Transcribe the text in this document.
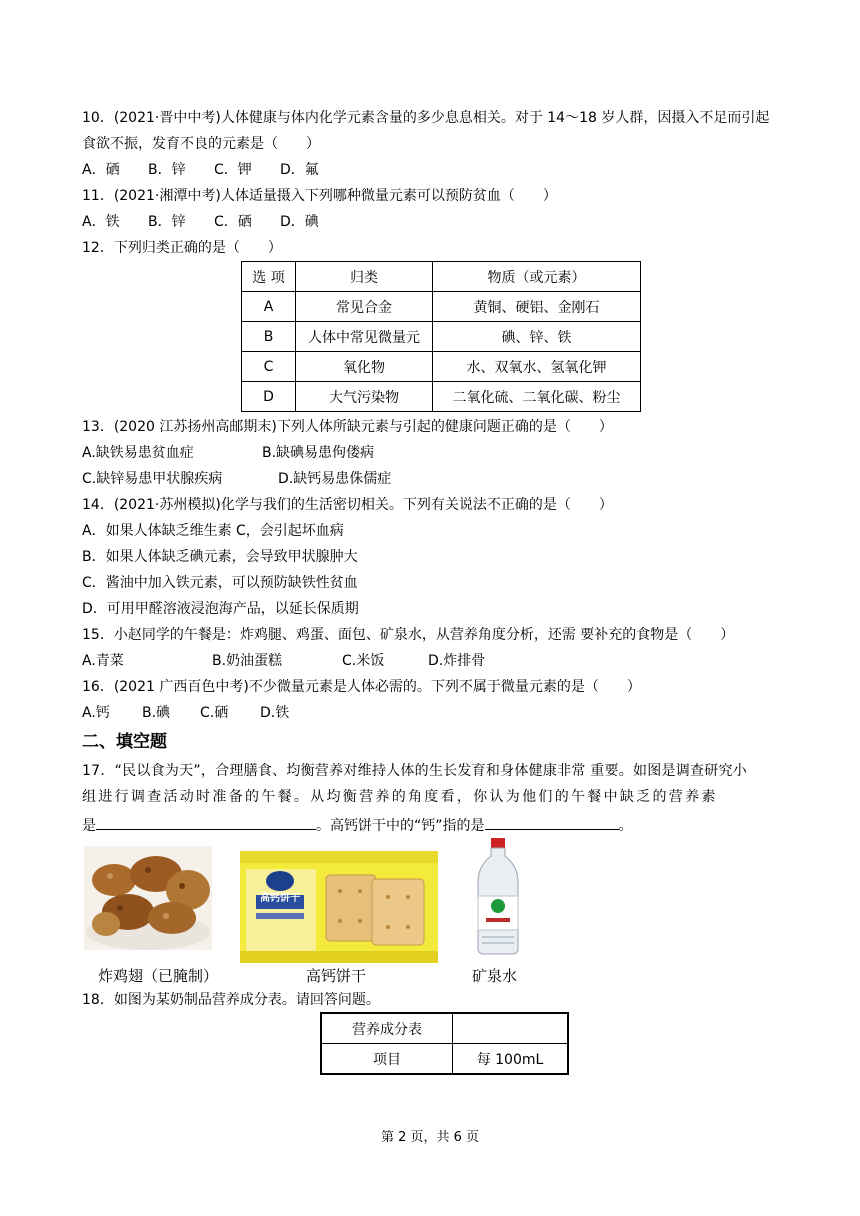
10．(2021·晋中中考)人体健康与体内化学元素含量的多少息息相关。对于 14～18 岁人群，因摄入不足而引起
食欲不振，发育不良的元素是（　　）
A．硒 B．锌 C．钾 D．氟
11．(2021·湘潭中考)人体适量摄入下列哪种微量元素可以预防贫血（　　）
A．铁 B．锌 C．硒 D．碘
12．下列归类正确的是（　　）
选 项	归类	物质（或元素）
A	常见合金	黄铜、硬铝、金刚石
B	人体中常见微量元	碘、锌、铁
C	氧化物	水、双氧水、氢氧化钾
D	大气污染物	二氧化硫、二氧化碳、粉尘
13．(2020 江苏扬州高邮期末)下列人体所缺元素与引起的健康问题正确的是（　　）
A.缺铁易患贫血症	B.缺碘易患佝偻病
C.缺锌易患甲状腺疾病	D.缺钙易患侏儒症
14．(2021·苏州模拟)化学与我们的生活密切相关。下列有关说法不正确的是（　　）
A．如果人体缺乏维生素 C，会引起坏血病
B．如果人体缺乏碘元素，会导致甲状腺肿大
C．酱油中加入铁元素，可以预防缺铁性贫血
D．可用甲醛溶液浸泡海产品，以延长保质期
15．小赵同学的午餐是：炸鸡腿、鸡蛋、面包、矿泉水，从营养角度分析，还需 要补充的食物是（　　）
A.青菜	B.奶油蛋糕	C.米饭	D.炸排骨
16．(2021 广西百色中考)不少微量元素是人体必需的。下列不属于微量元素的是（　　）
A.钙 B.碘 C.硒 D.铁
二、填空题
17．“民以食为天”，合理膳食、均衡营养对维持人体的生长发育和身体健康非常 重要。如图是调查研究小
组进行调查活动时准备的午餐。从均衡营养的角度看，你认为他们的午餐中缺乏的营养素
是	。高钙饼干中的“钙”指的是	。
高钙饼干
炸鸡翅（已腌制）	高钙饼干	矿泉水
18．如图为某奶制品营养成分表。请回答问题。
营养成分表	
项目	每 100mL
第 2 页，共 6 页
